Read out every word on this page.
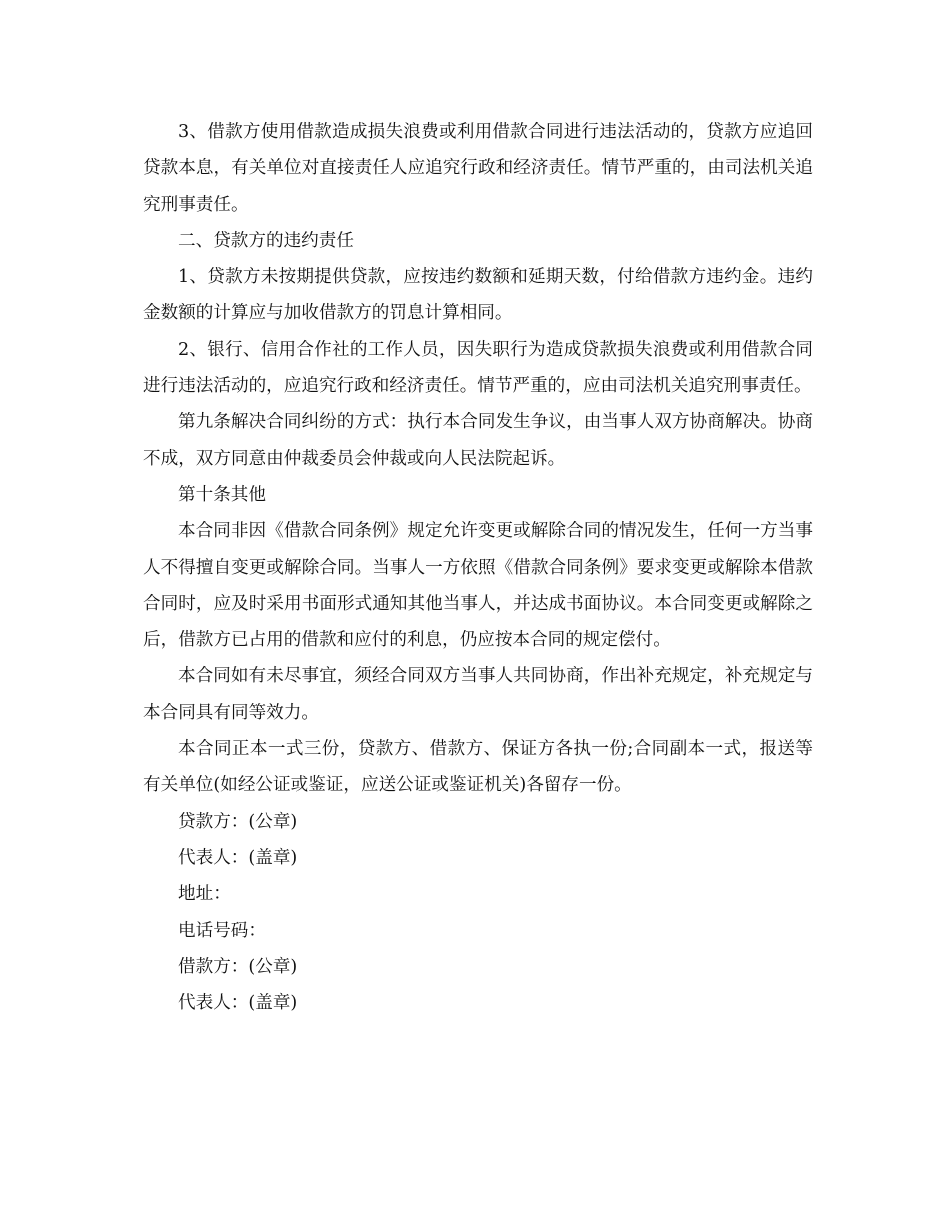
3、借款方使用借款造成损失浪费或利用借款合同进行违法活动的，贷款方应追回贷款本息，有关单位对直接责任人应追究行政和经济责任。情节严重的，由司法机关追究刑事责任。

二、贷款方的违约责任

1、贷款方未按期提供贷款，应按违约数额和延期天数，付给借款方违约金。违约金数额的计算应与加收借款方的罚息计算相同。

2、银行、信用合作社的工作人员，因失职行为造成贷款损失浪费或利用借款合同进行违法活动的，应追究行政和经济责任。情节严重的，应由司法机关追究刑事责任。

第九条解决合同纠纷的方式：执行本合同发生争议，由当事人双方协商解决。协商不成，双方同意由仲裁委员会仲裁或向人民法院起诉。

第十条其他

本合同非因《借款合同条例》规定允许变更或解除合同的情况发生，任何一方当事人不得擅自变更或解除合同。当事人一方依照《借款合同条例》要求变更或解除本借款合同时，应及时采用书面形式通知其他当事人，并达成书面协议。本合同变更或解除之后，借款方已占用的借款和应付的利息，仍应按本合同的规定偿付。

本合同如有未尽事宜，须经合同双方当事人共同协商，作出补充规定，补充规定与本合同具有同等效力。

本合同正本一式三份，贷款方、借款方、保证方各执一份;合同副本一式，报送等有关单位(如经公证或鉴证，应送公证或鉴证机关)各留存一份。

贷款方：(公章)

代表人：(盖章)

地址：

电话号码：

借款方：(公章)

代表人：(盖章)
